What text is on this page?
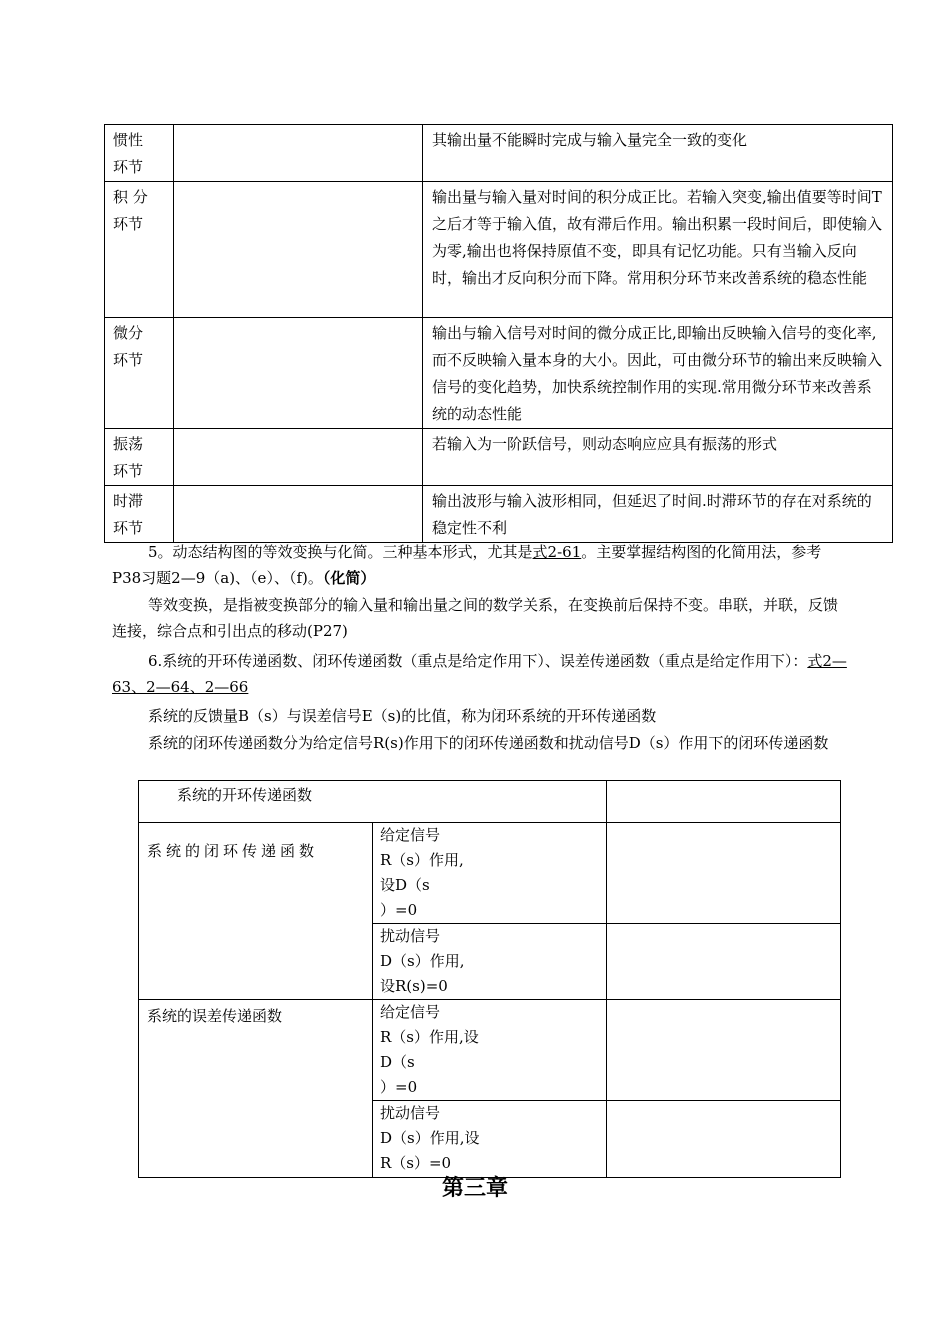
惯性
环节		其输出量不能瞬时完成与输入量完全一致的变化
积 分
环节		输出量与输入量对时间的积分成正比。若输入突变,输出值要等时间T之后才等于输入值，故有滞后作用。输出积累一段时间后，即使输入为零,输出也将保持原值不变，即具有记忆功能。只有当输入反向时，输出才反向积分而下降。常用积分环节来改善系统的稳态性能
微分
环节		输出与输入信号对时间的微分成正比,即输出反映输入信号的变化率,而不反映输入量本身的大小。因此，可由微分环节的输出来反映输入信号的变化趋势，加快系统控制作用的实现.常用微分环节来改善系统的动态性能
振荡
环节		若输入为一阶跃信号，则动态响应应具有振荡的形式
时滞
环节		输出波形与输入波形相同，但延迟了时间.时滞环节的存在对系统的稳定性不利
5。动态结构图的等效变换与化简。三种基本形式，尤其是式2-61。主要掌握结构图的化简用法，参考P38习题2—9（a)、（e）、（f)。（化简）
等效变换，是指被变换部分的输入量和输出量之间的数学关系，在变换前后保持不变。串联，并联，反馈连接，综合点和引出点的移动(P27)
6.系统的开环传递函数、闭环传递函数（重点是给定作用下）、误差传递函数（重点是给定作用下）：式2—63、2—64、2—66
系统的反馈量B（s）与误差信号E（s)的比值，称为闭环系统的开环传递函数
系统的闭环传递函数分为给定信号R(s)作用下的闭环传递函数和扰动信号D（s）作用下的闭环传递函数
系统的开环传递函数		
系统的闭环传递函数	给定信号
R（s）作用,
设D（s
）=0	
	扰动信号
D（s）作用,
设R(s)=0	
系统的误差传递函数	给定信号
R（s）作用,设
D（s
）=0	
	扰动信号
D（s）作用,设
R（s）=0	
第三章
